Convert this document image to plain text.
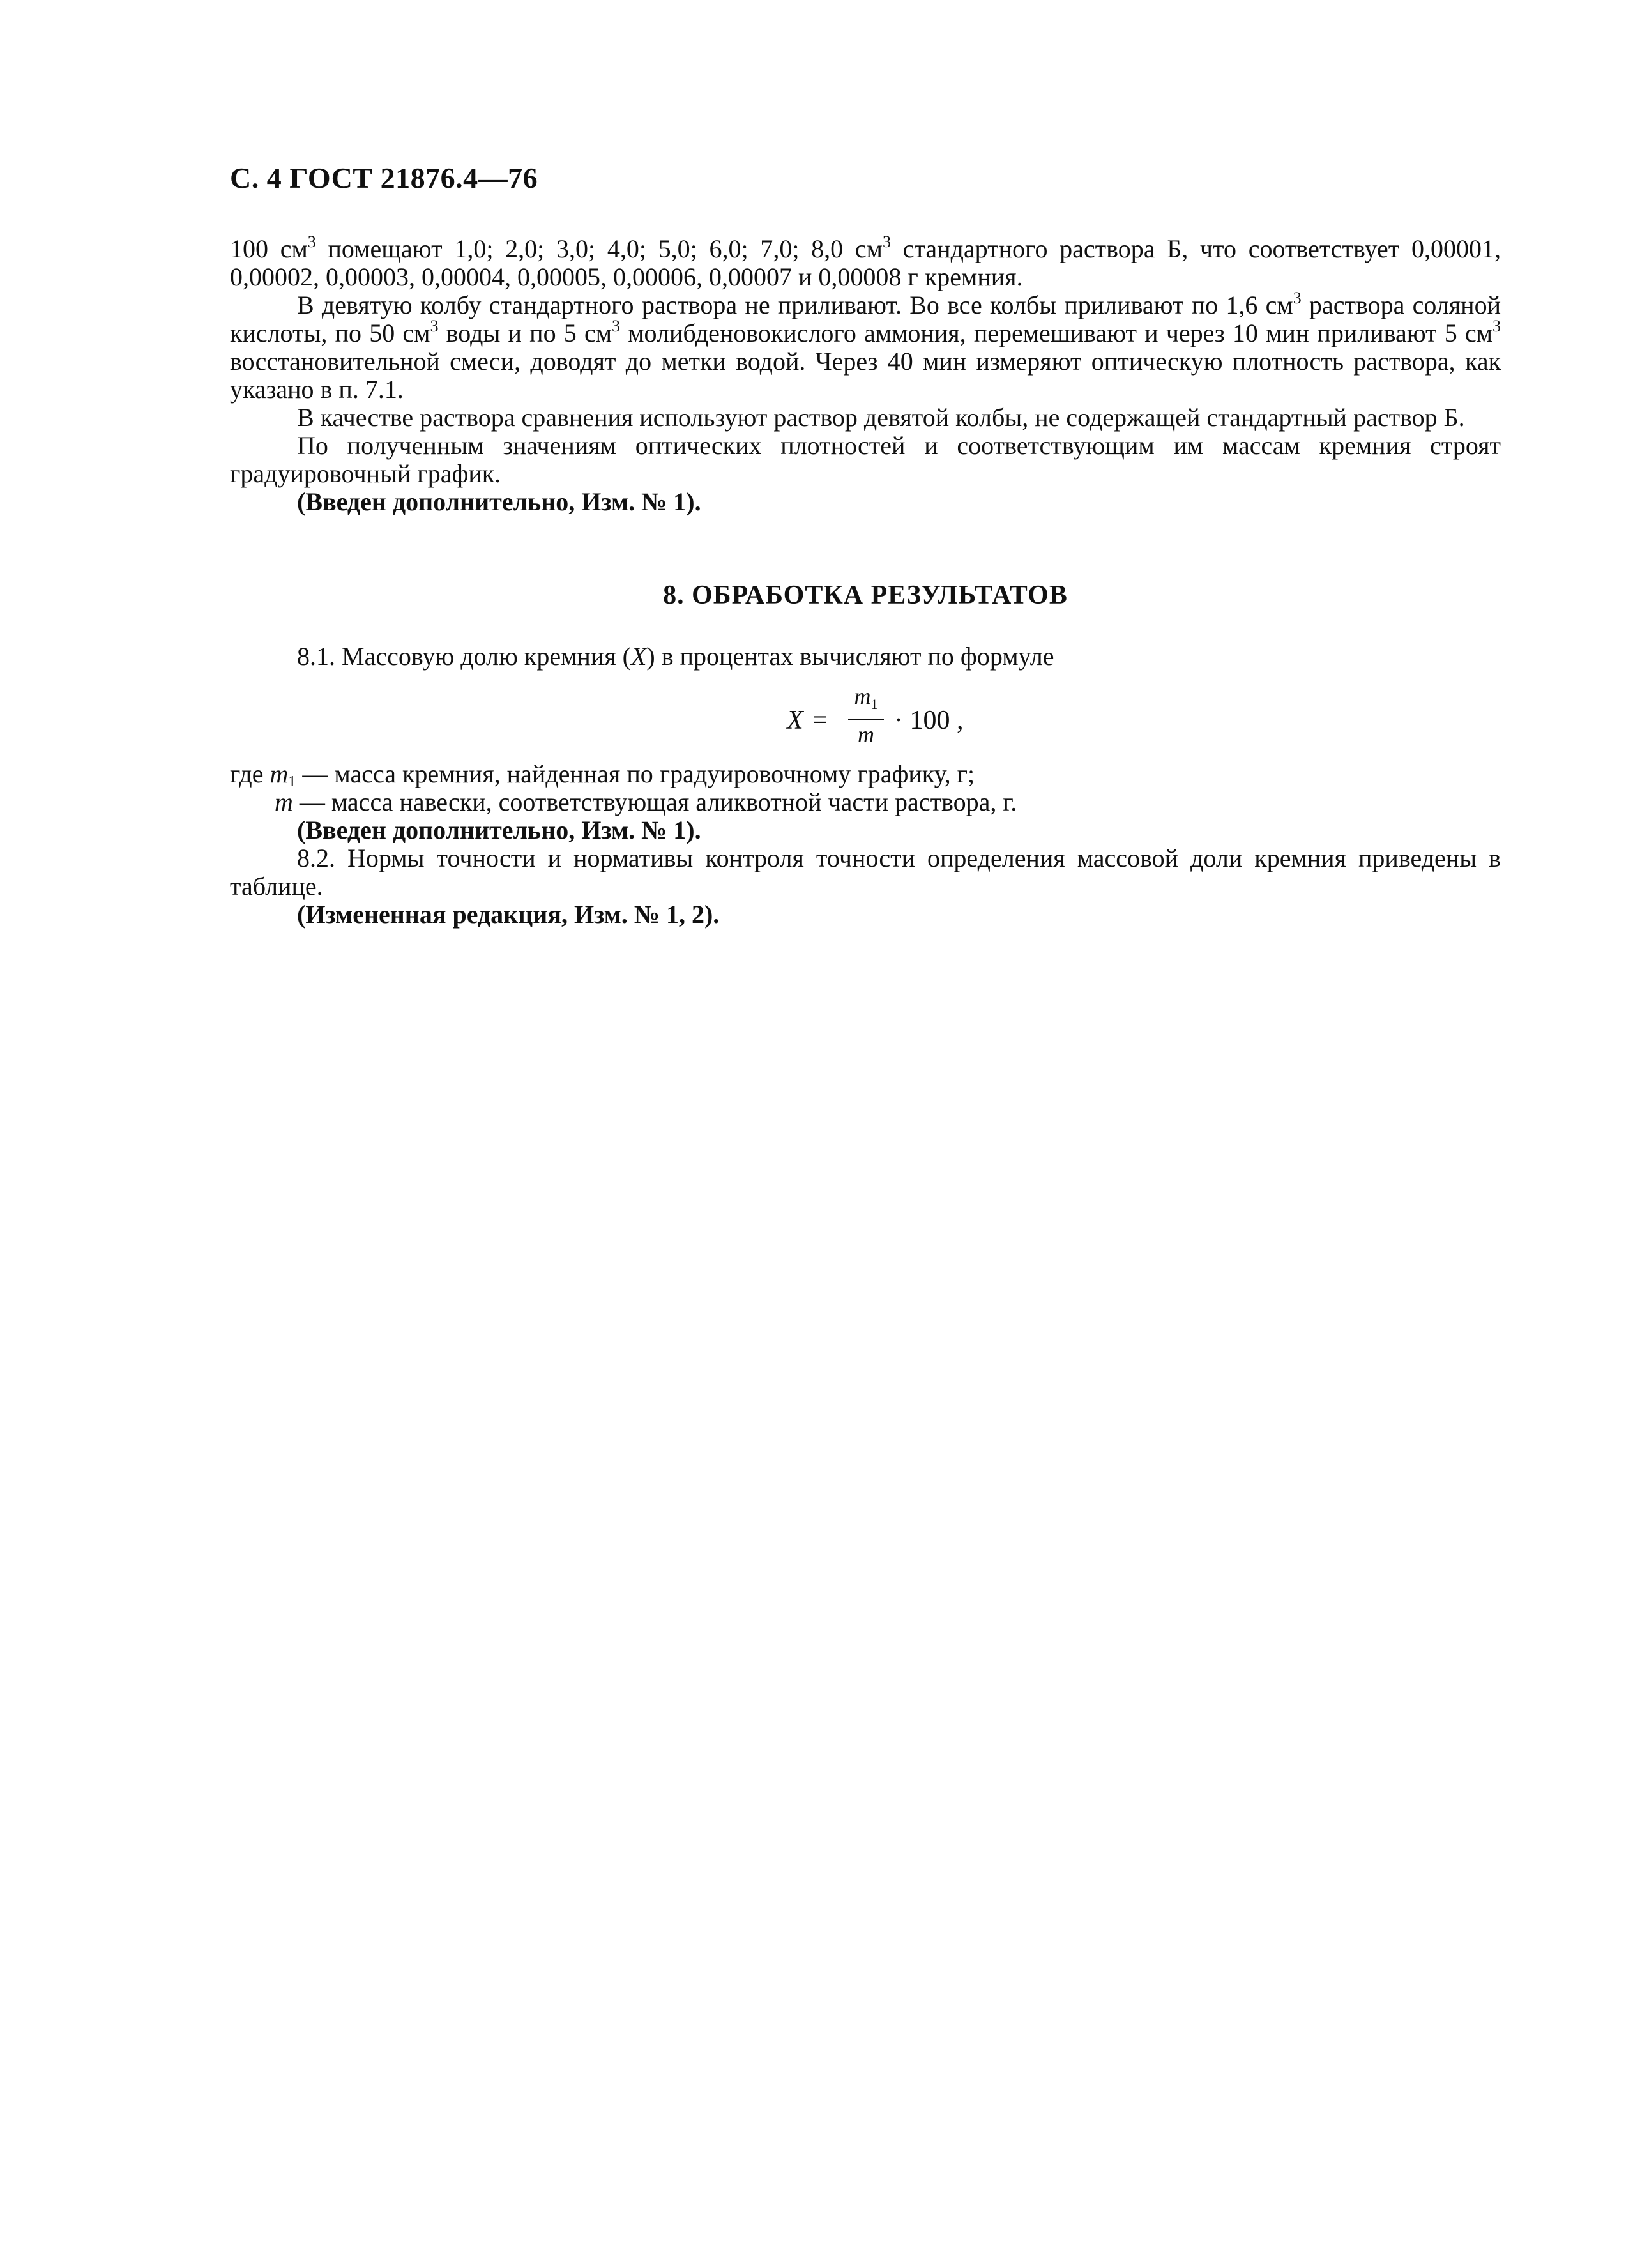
С. 4 ГОСТ 21876.4—76

100 $см^3$ помещают 1,0; 2,0; 3,0; 4,0; 5,0; 6,0; 7,0; 8,0 $см^3$ стандартного раствора Б, что соответствует 0,00001, 0,00002, 0,00003, 0,00004, 0,00005, 0,00006, 0,00007 и 0,00008 г кремния.

В девятую колбу стандартного раствора не приливают. Во все колбы приливают по 1,6 $см^3$ раствора соляной кислоты, по 50 $см^3$ воды и по 5 $см^3$ молибденовокислого аммония, перемешивают и через 10 мин приливают 5 $см^3$ восстановительной смеси, доводят до метки водой. Через 40 мин измеряют оптическую плотность раствора, как указано в п. 7.1.

В качестве раствора сравнения используют раствор девятой колбы, не содержащей стандартный раствор Б.

По полученным значениям оптических плотностей и соответствующим им массам кремния строят градуировочный график.

(Введен дополнительно, Изм. № 1).

8. ОБРАБОТКА РЕЗУЛЬТАТОВ

8.1. Массовую долю кремния (X) в процентах вычисляют по формуле

X =
$m_1$
m · 100 ,

где $m_1$ — масса кремния, найденная по градуировочному графику, г;

m — масса навески, соответствующая аликвотной части раствора, г.

(Введен дополнительно, Изм. № 1).

8.2. Нормы точности и нормативы контроля точности определения массовой доли кремния приведены в таблице.

(Измененная редакция, Изм. № 1, 2).
